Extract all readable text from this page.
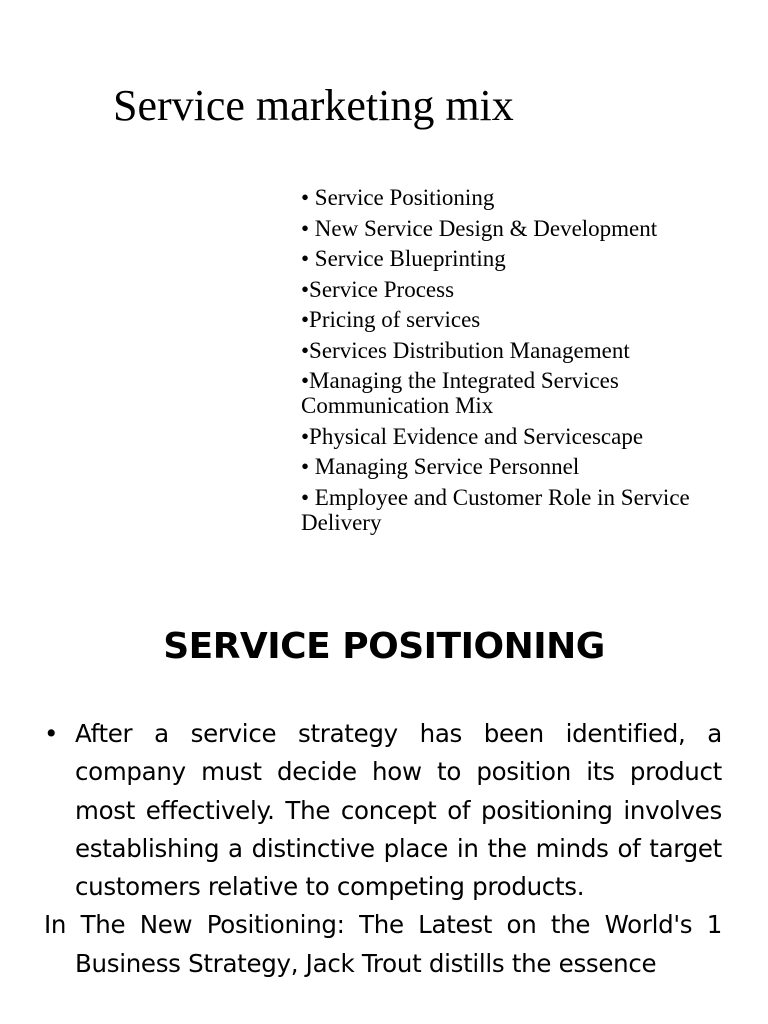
Service marketing mix
• Service Positioning
• New Service Design & Development
• Service Blueprinting
•Service Process
•Pricing of services
•Services Distribution Management
•Managing the Integrated Services Communication Mix
•Physical Evidence and Servicescape
• Managing Service Personnel
• Employee and Customer Role in Service Delivery
SERVICE POSITIONING
• After a service strategy has been identified, a company must decide how to position its product most effectively. The concept of positioning involves establishing a distinctive place in the minds of target customers relative to competing products.
In The New Positioning: The Latest on the World's 1 Business Strategy, Jack Trout distills the essence
